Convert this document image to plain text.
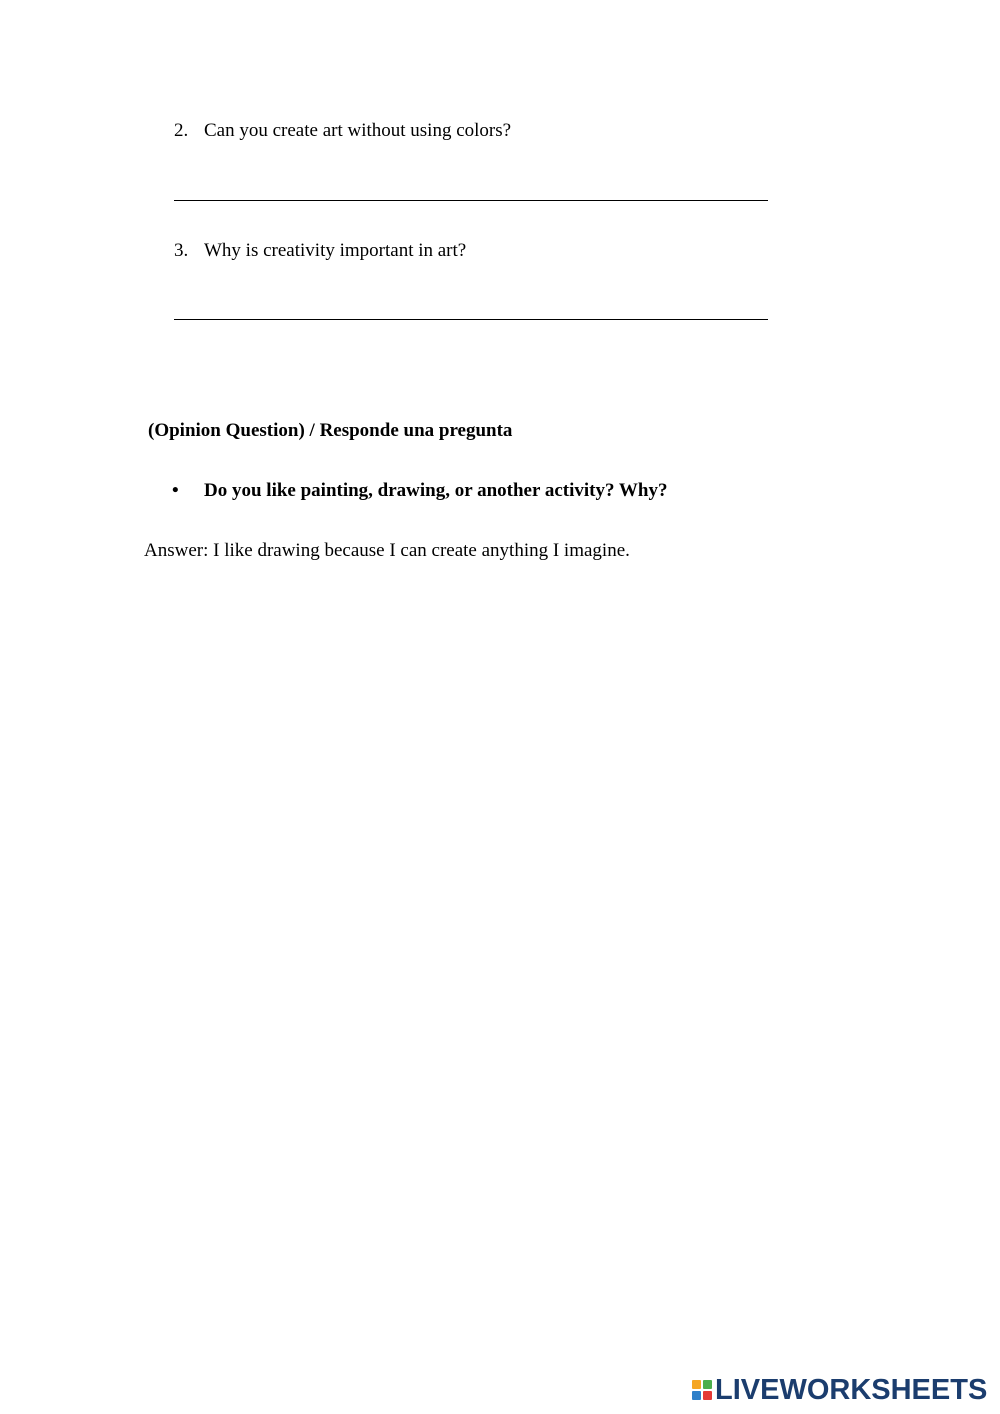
2. Can you create art without using colors?
3. Why is creativity important in art?
(Opinion Question) / Responde una pregunta
• Do you like painting, drawing, or another activity? Why?
Answer: I like drawing because I can create anything I imagine.
LIVEWORKSHEETS
